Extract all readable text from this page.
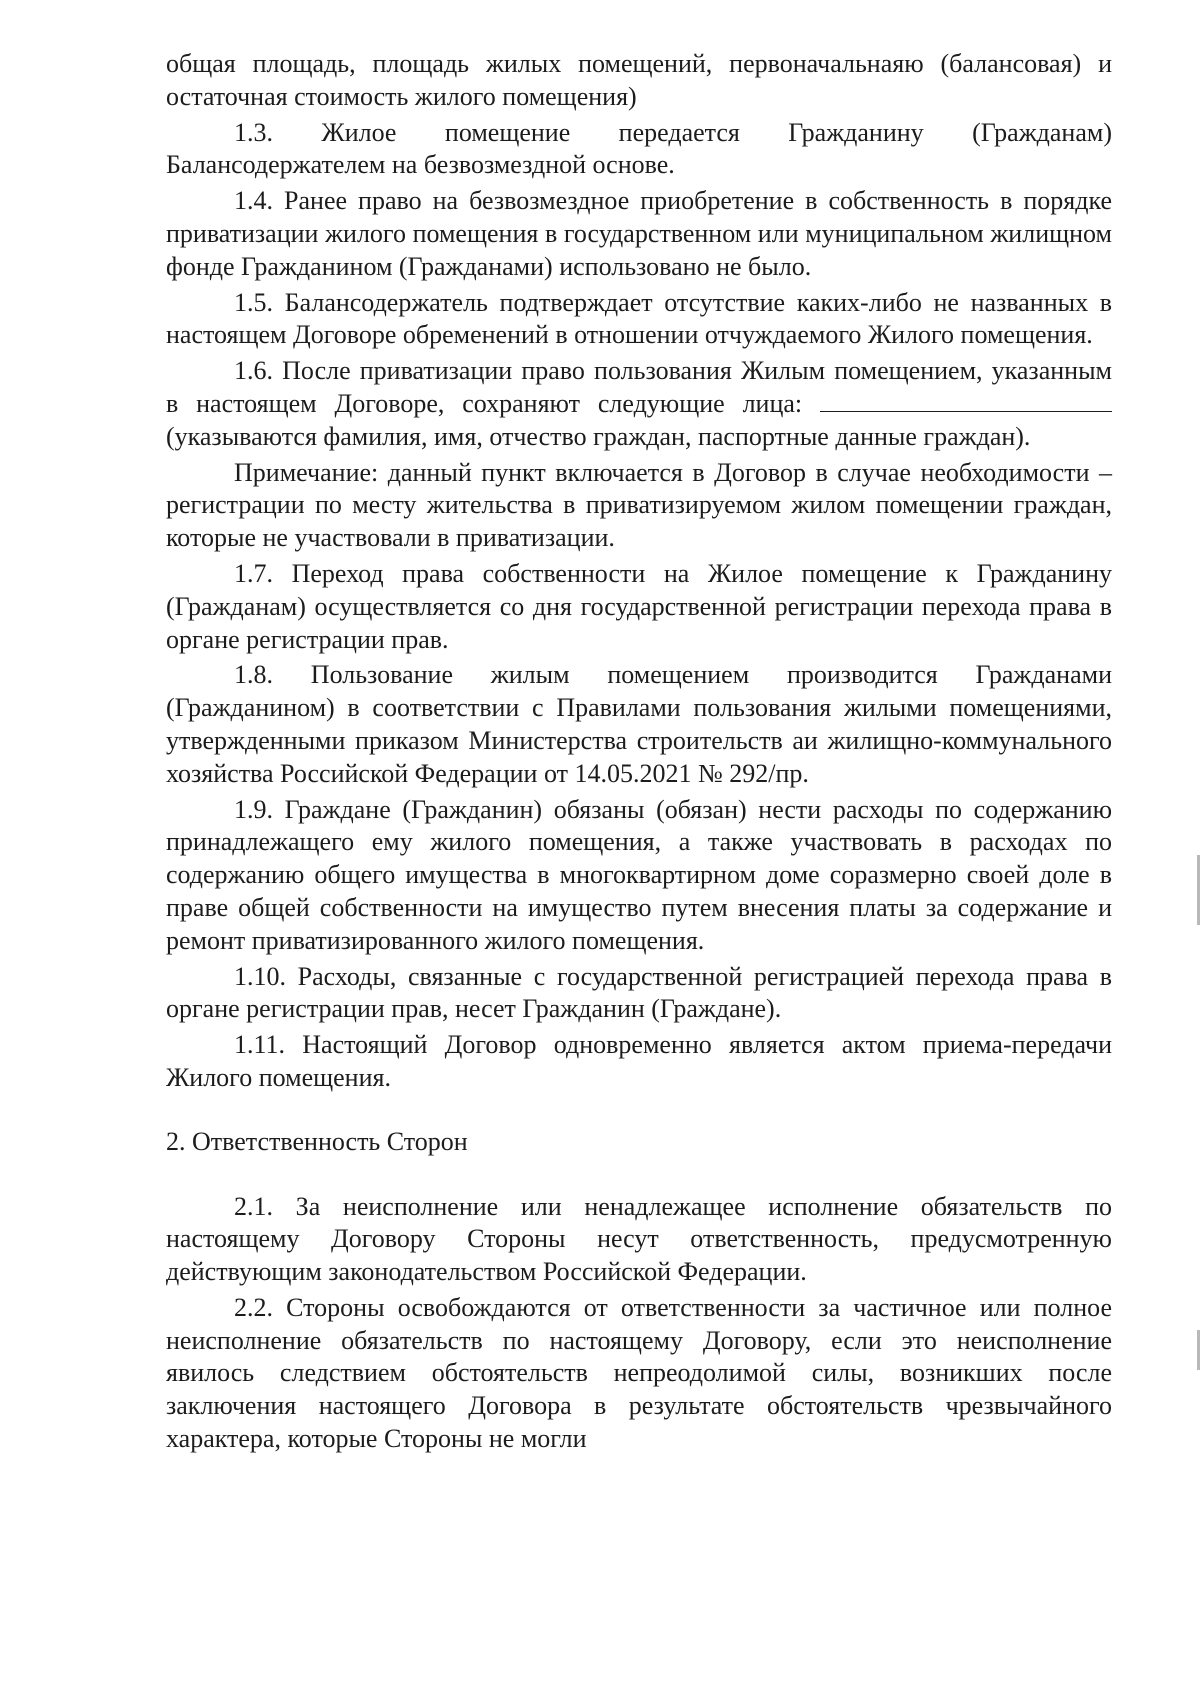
общая площадь, площадь жилых помещений, первоначальнаяю (балансовая) и остаточная стоимость жилого помещения)

1.3. Жилое помещение передается Гражданину (Гражданам) Балансодержателем на безвозмездной основе.

1.4. Ранее право на безвозмездное приобретение в собственность в порядке приватизации жилого помещения в государственном или муниципальном жилищном фонде Гражданином (Гражданами) использовано не было.

1.5. Балансодержатель подтверждает отсутствие каких-либо не названных в настоящем Договоре обременений в отношении отчуждаемого Жилого помещения.

1.6. После приватизации право пользования Жилым помещением, указанным в настоящем Договоре, сохраняют следующие лица: (указываются фамилия, имя, отчество граждан, паспортные данные граждан).

Примечание: данный пункт включается в Договор в случае необходимости – регистрации по месту жительства в приватизируемом жилом помещении граждан, которые не участвовали в приватизации.

1.7. Переход права собственности на Жилое помещение к Гражданину (Гражданам) осуществляется со дня государственной регистрации перехода права в органе регистрации прав.

1.8. Пользование жилым помещением производится Гражданами (Гражданином) в соответствии с Правилами пользования жилыми помещениями, утвержденными приказом Министерства строительств аи жилищно-коммунального хозяйства Российской Федерации от 14.05.2021 № 292/пр.

1.9. Граждане (Гражданин) обязаны (обязан) нести расходы по содержанию принадлежащего ему жилого помещения, а также участвовать в расходах по содержанию общего имущества в многоквартирном доме соразмерно своей доле в праве общей собственности на имущество путем внесения платы за содержание и ремонт приватизированного жилого помещения.

1.10. Расходы, связанные с государственной регистрацией перехода права в органе регистрации прав, несет Гражданин (Граждане).

1.11. Настоящий Договор одновременно является актом приема-передачи Жилого помещения.

2. Ответственность Сторон

2.1. За неисполнение или ненадлежащее исполнение обязательств по настоящему Договору Стороны несут ответственность, предусмотренную действующим законодательством Российской Федерации.

2.2. Стороны освобождаются от ответственности за частичное или полное неисполнение обязательств по настоящему Договору, если это неисполнение явилось следствием обстоятельств непреодолимой силы, возникших после заключения настоящего Договора в результате обстоятельств чрезвычайного характера, которые Стороны не могли
